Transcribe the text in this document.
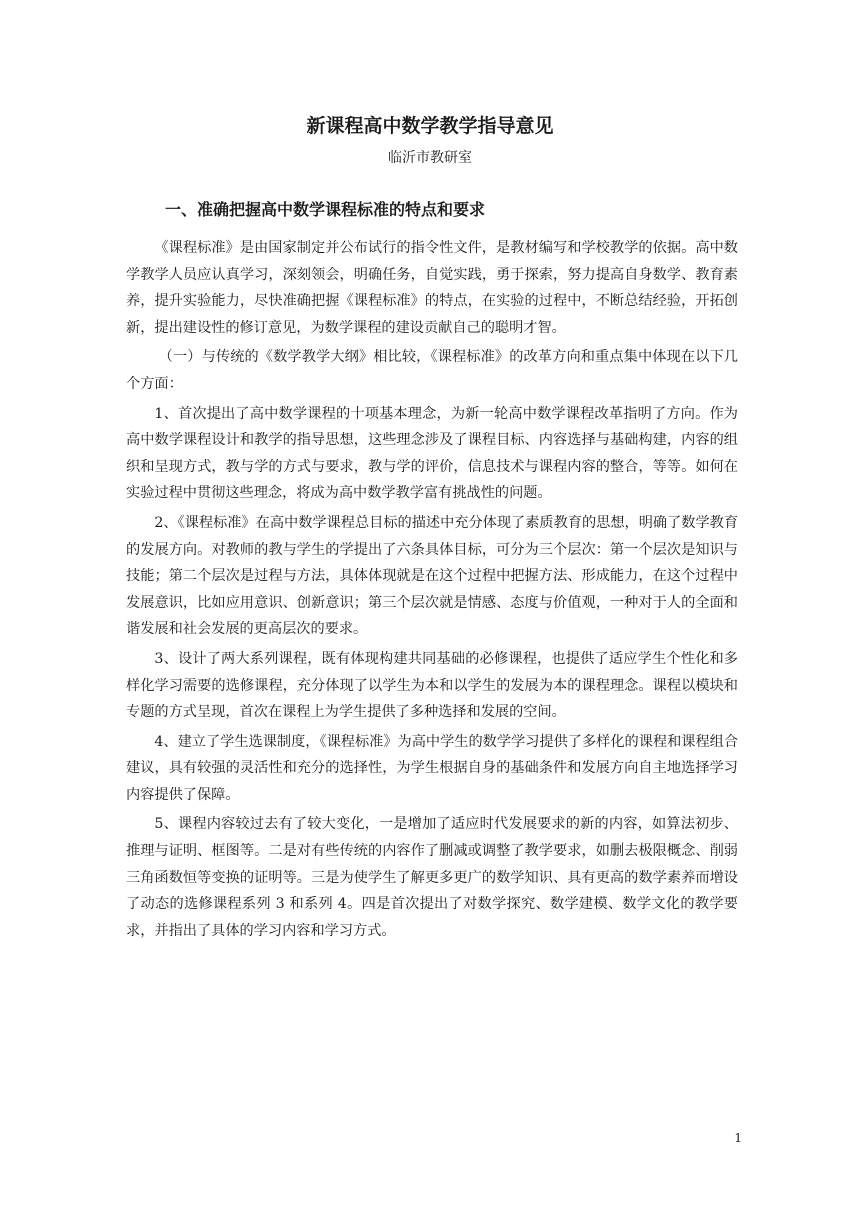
新课程高中数学教学指导意见
临沂市教研室
一、准确把握高中数学课程标准的特点和要求

《课程标准》是由国家制定并公布试行的指令性文件，是教材编写和学校教学的依据。高中数学教学人员应认真学习，深刻领会，明确任务，自觉实践，勇于探索，努力提高自身数学、教育素养，提升实验能力，尽快准确把握《课程标准》的特点，在实验的过程中，不断总结经验，开拓创新，提出建设性的修订意见，为数学课程的建设贡献自己的聪明才智。

（一）与传统的《数学教学大纲》相比较，《课程标准》的改革方向和重点集中体现在以下几个方面：

1、首次提出了高中数学课程的十项基本理念，为新一轮高中数学课程改革指明了方向。作为高中数学课程设计和教学的指导思想，这些理念涉及了课程目标、内容选择与基础构建，内容的组织和呈现方式，教与学的方式与要求，教与学的评价，信息技术与课程内容的整合，等等。如何在实验过程中贯彻这些理念，将成为高中数学教学富有挑战性的问题。

2、《课程标准》在高中数学课程总目标的描述中充分体现了素质教育的思想，明确了数学教育的发展方向。对教师的教与学生的学提出了六条具体目标，可分为三个层次：第一个层次是知识与技能；第二个层次是过程与方法，具体体现就是在这个过程中把握方法、形成能力，在这个过程中发展意识，比如应用意识、创新意识；第三个层次就是情感、态度与价值观，一种对于人的全面和谐发展和社会发展的更高层次的要求。

3、设计了两大系列课程，既有体现构建共同基础的必修课程，也提供了适应学生个性化和多样化学习需要的选修课程，充分体现了以学生为本和以学生的发展为本的课程理念。课程以模块和专题的方式呈现，首次在课程上为学生提供了多种选择和发展的空间。

4、建立了学生选课制度，《课程标准》为高中学生的数学学习提供了多样化的课程和课程组合建议，具有较强的灵活性和充分的选择性，为学生根据自身的基础条件和发展方向自主地选择学习内容提供了保障。

5、课程内容较过去有了较大变化，一是增加了适应时代发展要求的新的内容，如算法初步、推理与证明、框图等。二是对有些传统的内容作了删减或调整了教学要求，如删去极限概念、削弱三角函数恒等变换的证明等。三是为使学生了解更多更广的数学知识、具有更高的数学素养而增设了动态的选修课程系列 3 和系列 4。四是首次提出了对数学探究、数学建模、数学文化的教学要求，并指出了具体的学习内容和学习方式。

1
